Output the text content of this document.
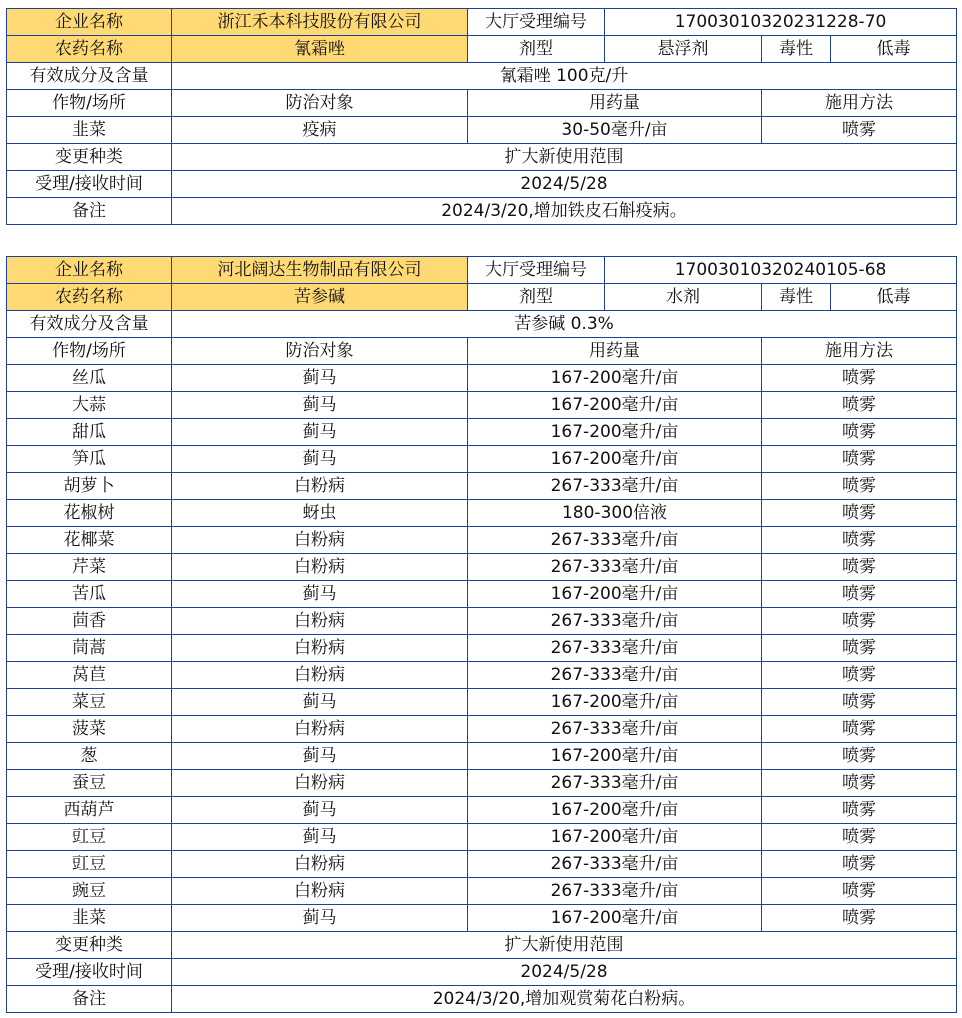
企业名称	浙江禾本科技股份有限公司	大厅受理编号	17003010320231228-70		
农药名称	氰霜唑	剂型	悬浮剂	毒性	低毒
有效成分及含量	氰霜唑 100克/升				
作物/场所	防治对象	用药量		施用方法	
韭菜	疫病	30-50毫升/亩		喷雾	
变更种类	扩大新使用范围				
受理/接收时间	2024/5/28				
备注	2024/3/20,增加铁皮石斛疫病。				
企业名称	河北阔达生物制品有限公司	大厅受理编号	17003010320240105-68		
农药名称	苦参碱	剂型	水剂	毒性	低毒
有效成分及含量	苦参碱 0.3%				
作物/场所	防治对象	用药量		施用方法	
丝瓜	蓟马	167-200毫升/亩		喷雾	
大蒜	蓟马	167-200毫升/亩		喷雾	
甜瓜	蓟马	167-200毫升/亩		喷雾	
笋瓜	蓟马	167-200毫升/亩		喷雾	
胡萝卜	白粉病	267-333毫升/亩		喷雾	
花椒树	蚜虫	180-300倍液		喷雾	
花椰菜	白粉病	267-333毫升/亩		喷雾	
芹菜	白粉病	267-333毫升/亩		喷雾	
苦瓜	蓟马	167-200毫升/亩		喷雾	
茴香	白粉病	267-333毫升/亩		喷雾	
茼蒿	白粉病	267-333毫升/亩		喷雾	
莴苣	白粉病	267-333毫升/亩		喷雾	
菜豆	蓟马	167-200毫升/亩		喷雾	
菠菜	白粉病	267-333毫升/亩		喷雾	
葱	蓟马	167-200毫升/亩		喷雾	
蚕豆	白粉病	267-333毫升/亩		喷雾	
西葫芦	蓟马	167-200毫升/亩		喷雾	
豇豆	蓟马	167-200毫升/亩		喷雾	
豇豆	白粉病	267-333毫升/亩		喷雾	
豌豆	白粉病	267-333毫升/亩		喷雾	
韭菜	蓟马	167-200毫升/亩		喷雾	
变更种类	扩大新使用范围				
受理/接收时间	2024/5/28				
备注	2024/3/20,增加观赏菊花白粉病。				
